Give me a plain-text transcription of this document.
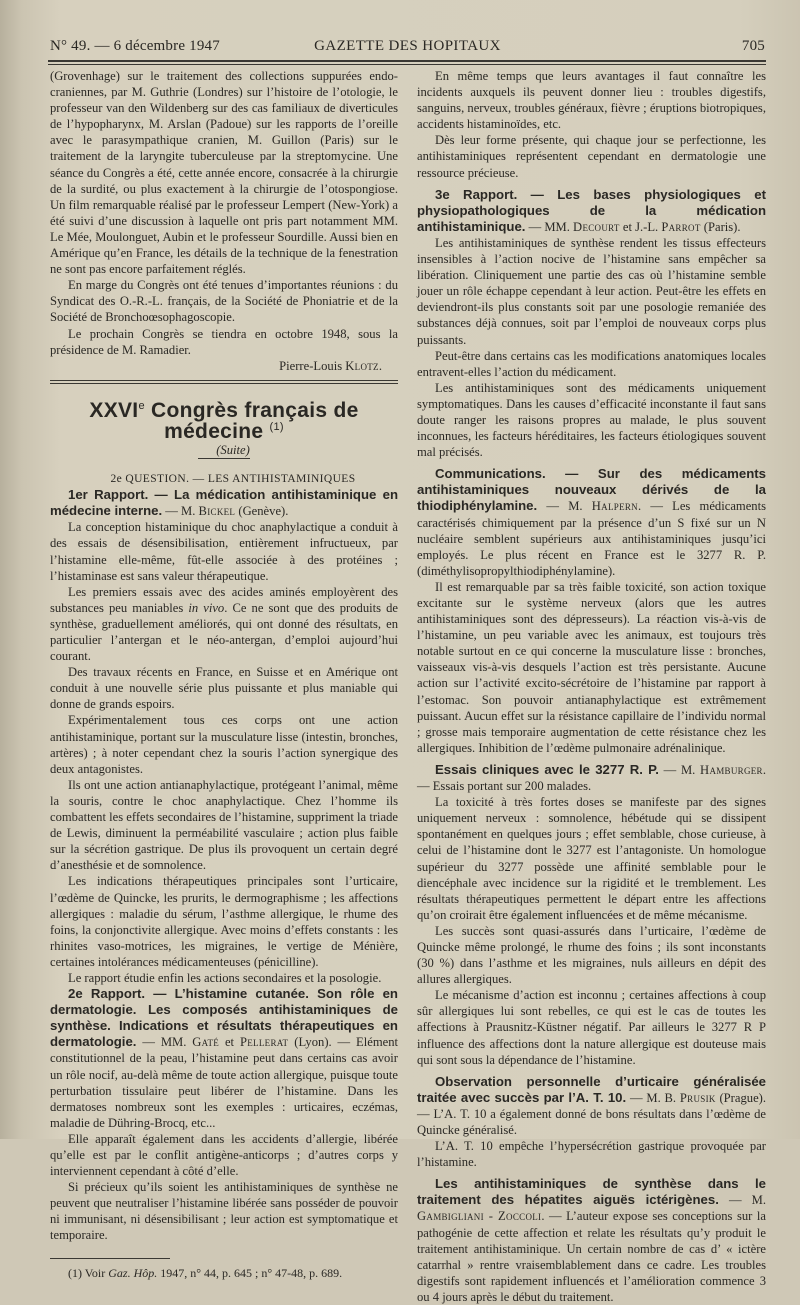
N° 49. — 6 décembre 1947	GAZETTE DES HOPITAUX	705

(Grovenhage) sur le traitement des collections suppurées endo-craniennes, par M. Guthrie (Londres) sur l’histoire de l’otologie, le professeur van den Wildenberg sur des cas familiaux de diverticules de l’hypopharynx, M. Arslan (Padoue) sur les rapports de l’oreille avec le parasympathique cranien, M. Guillon (Paris) sur le traitement de la laryngite tuberculeuse par la streptomycine. Une séance du Congrès a été, cette année encore, consacrée à la chirurgie de la surdité, ou plus exactement à la chirurgie de l’otospongiose. Un film remarquable réalisé par le professeur Lempert (New-York) a été suivi d’une discussion à laquelle ont pris part notamment MM. Le Mée, Moulonguet, Aubin et le professeur Sourdille. Aussi bien en Amérique qu’en France, les détails de la technique de la fenestration ne sont pas encore parfaitement réglés.

En marge du Congrès ont été tenues d’importantes réunions : du Syndicat des O.-R.-L. français, de la Société de Phoniatrie et de la Société de Bronchoœsophagoscopie.

Le prochain Congrès se tiendra en octobre 1948, sous la présidence de M. Ramadier.

Pierre-Louis Klotz.

XXVIe Congrès français de médecine $^{(1)}$

(Suite)

2e QUESTION. — LES ANTIHISTAMINIQUES

1er Rapport. — La médication antihistaminique en médecine interne. — M. Bickel (Genève).

La conception histaminique du choc anaphylactique a conduit à des essais de désensibilisation, entièrement infructueux, par l’histamine elle-même, fût-elle associée à des protéines ; l’histaminase est sans valeur thérapeutique.

Les premiers essais avec des acides aminés employèrent des substances peu maniables in vivo. Ce ne sont que des produits de synthèse, graduellement améliorés, qui ont donné des résultats, en particulier l’antergan et le néo-antergan, d’emploi aujourd’hui courant.

Des travaux récents en France, en Suisse et en Amérique ont conduit à une nouvelle série plus puissante et plus maniable qui donne de grands espoirs.

Expérimentalement tous ces corps ont une action antihistaminique, portant sur la musculature lisse (intestin, bronches, artères) ; à noter cependant chez la souris l’action synergique des deux antagonistes.

Ils ont une action antianaphylactique, protégeant l’animal, même la souris, contre le choc anaphylactique. Chez l’homme ils combattent les effets secondaires de l’histamine, suppriment la triade de Lewis, diminuent la perméabilité vasculaire ; action plus faible sur la sécrétion gastrique. De plus ils provoquent un certain degré d’anesthésie et de somnolence.

Les indications thérapeutiques principales sont l’urticaire, l’œdème de Quincke, les prurits, le dermographisme ; les affections allergiques : maladie du sérum, l’asthme allergique, le rhume des foins, la conjonctivite allergique. Avec moins d’effets constants : les rhinites vaso-motrices, les migraines, le vertige de Ménière, certaines intolérances médicamenteuses (pénicilline).

Le rapport étudie enfin les actions secondaires et la posologie.

2e Rapport. — L’histamine cutanée. Son rôle en dermatologie. Les composés antihistaminiques de synthèse. Indications et résultats thérapeutiques en dermatologie. — MM. Gaté et Pellerat (Lyon). — Elément constitutionnel de la peau, l’histamine peut dans certains cas avoir un rôle nocif, au-delà même de toute action allergique, puisque toute perturbation tissulaire peut libérer de l’histamine. Dans les dermatoses nombreux sont les exemples : urticaires, eczémas, maladie de Dühring-Brocq, etc...

Elle apparaît également dans les accidents d’allergie, libérée qu’elle est par le conflit antigène-anticorps ; d’autres corps y interviennent cependant à côté d’elle.

Si précieux qu’ils soient les antihistaminiques de synthèse ne peuvent que neutraliser l’histamine libérée sans posséder de pouvoir ni immunisant, ni désensibilisant ; leur action est symptomatique et temporaire.

(1) Voir Gaz. Hôp. 1947, n° 44, p. 645 ; n° 47-48, p. 689.

En même temps que leurs avantages il faut connaître les incidents auxquels ils peuvent donner lieu : troubles digestifs, sanguins, nerveux, troubles généraux, fièvre ; éruptions biotropiques, accidents histaminoïdes, etc.

Dès leur forme présente, qui chaque jour se perfectionne, les antihistaminiques représentent cependant en dermatologie une ressource précieuse.

3e Rapport. — Les bases physiologiques et physiopathologiques de la médication antihistaminique. — MM. Decourt et J.-L. Parrot (Paris).

Les antihistaminiques de synthèse rendent les tissus effecteurs insensibles à l’action nocive de l’histamine sans empêcher sa libération. Cliniquement une partie des cas où l’histamine semble jouer un rôle échappe cependant à leur action. Peut-être les effets en deviendront-ils plus constants soit par une posologie remaniée des substances déjà connues, soit par l’emploi de nouveaux corps plus puissants.

Peut-être dans certains cas les modifications anatomiques locales entravent-elles l’action du médicament.

Les antihistaminiques sont des médicaments uniquement symptomatiques. Dans les causes d’efficacité inconstante il faut sans doute ranger les raisons propres au malade, le plus souvent inconnues, les facteurs héréditaires, les facteurs étiologiques souvent mal précisés.

Communications. — Sur des médicaments antihistaminiques nouveaux dérivés de la thiodiphénylamine. — M. Halpern. — Les médicaments caractérisés chimiquement par la présence d’un S fixé sur un N nucléaire semblent supérieurs aux antihistaminiques jusqu’ici employés. Le plus récent en France est le 3277 R. P. (diméthylisopropylthiodiphénylamine).

Il est remarquable par sa très faible toxicité, son action toxique excitante sur le système nerveux (alors que les autres antihistaminiques sont des dépresseurs). La réaction vis-à-vis de l’histamine, un peu variable avec les animaux, est toujours très notable surtout en ce qui concerne la musculature lisse : bronches, vaisseaux vis-à-vis desquels l’action est très persistante. Aucune action sur l’activité excito-sécrétoire de l’histamine par rapport à l’estomac. Son pouvoir antianaphylactique est extrêmement puissant. Aucun effet sur la résistance capillaire de l’individu normal ; grosse mais temporaire augmentation de cette résistance chez les allergiques. Inhibition de l’œdème pulmonaire adrénalinique.

Essais cliniques avec le 3277 R. P. — M. Hamburger. — Essais portant sur 200 malades.

La toxicité à très fortes doses se manifeste par des signes uniquement nerveux : somnolence, hébétude qui se dissipent spontanément en quelques jours ; effet semblable, chose curieuse, à celui de l’histamine dont le 3277 est l’antagoniste. Un homologue supérieur du 3277 possède une affinité semblable pour le diencéphale avec incidence sur la rigidité et le tremblement. Les résultats thérapeutiques permettent le départ entre les affections qu’on croirait être également influencées et de même mécanisme.

Les succès sont quasi-assurés dans l’urticaire, l’œdème de Quincke même prolongé, le rhume des foins ; ils sont inconstants (30 %) dans l’asthme et les migraines, nuls ailleurs en dépit des allures allergiques.

Le mécanisme d’action est inconnu ; certaines affections à coup sûr allergiques lui sont rebelles, ce qui est le cas de toutes les affections à Prausnitz-Küstner négatif. Par ailleurs le 3277 R P influence des affections dont la nature allergique est douteuse mais qui sont sous la dépendance de l’histamine.

Observation personnelle d’urticaire généralisée traitée avec succès par l’A. T. 10. — M. B. Prusik (Prague). — L’A. T. 10 a également donné de bons résultats dans l’œdème de Quincke généralisé.

L’A. T. 10 empêche l’hypersécrétion gastrique provoquée par l’histamine.

Les antihistaminiques de synthèse dans le traitement des hépatites aiguës ictérigènes. — M. Gambigliani - Zoccoli. — L’auteur expose ses conceptions sur la pathogénie de cette affection et relate les résultats qu’y produit le traitement antihistaminique. Un certain nombre de cas d’ « ictère catarrhal » rentre vraisemblablement dans ce cadre. Les troubles digestifs sont rapidement influencés et l’amélioration commence 3 ou 4 jours après le début du traitement.
